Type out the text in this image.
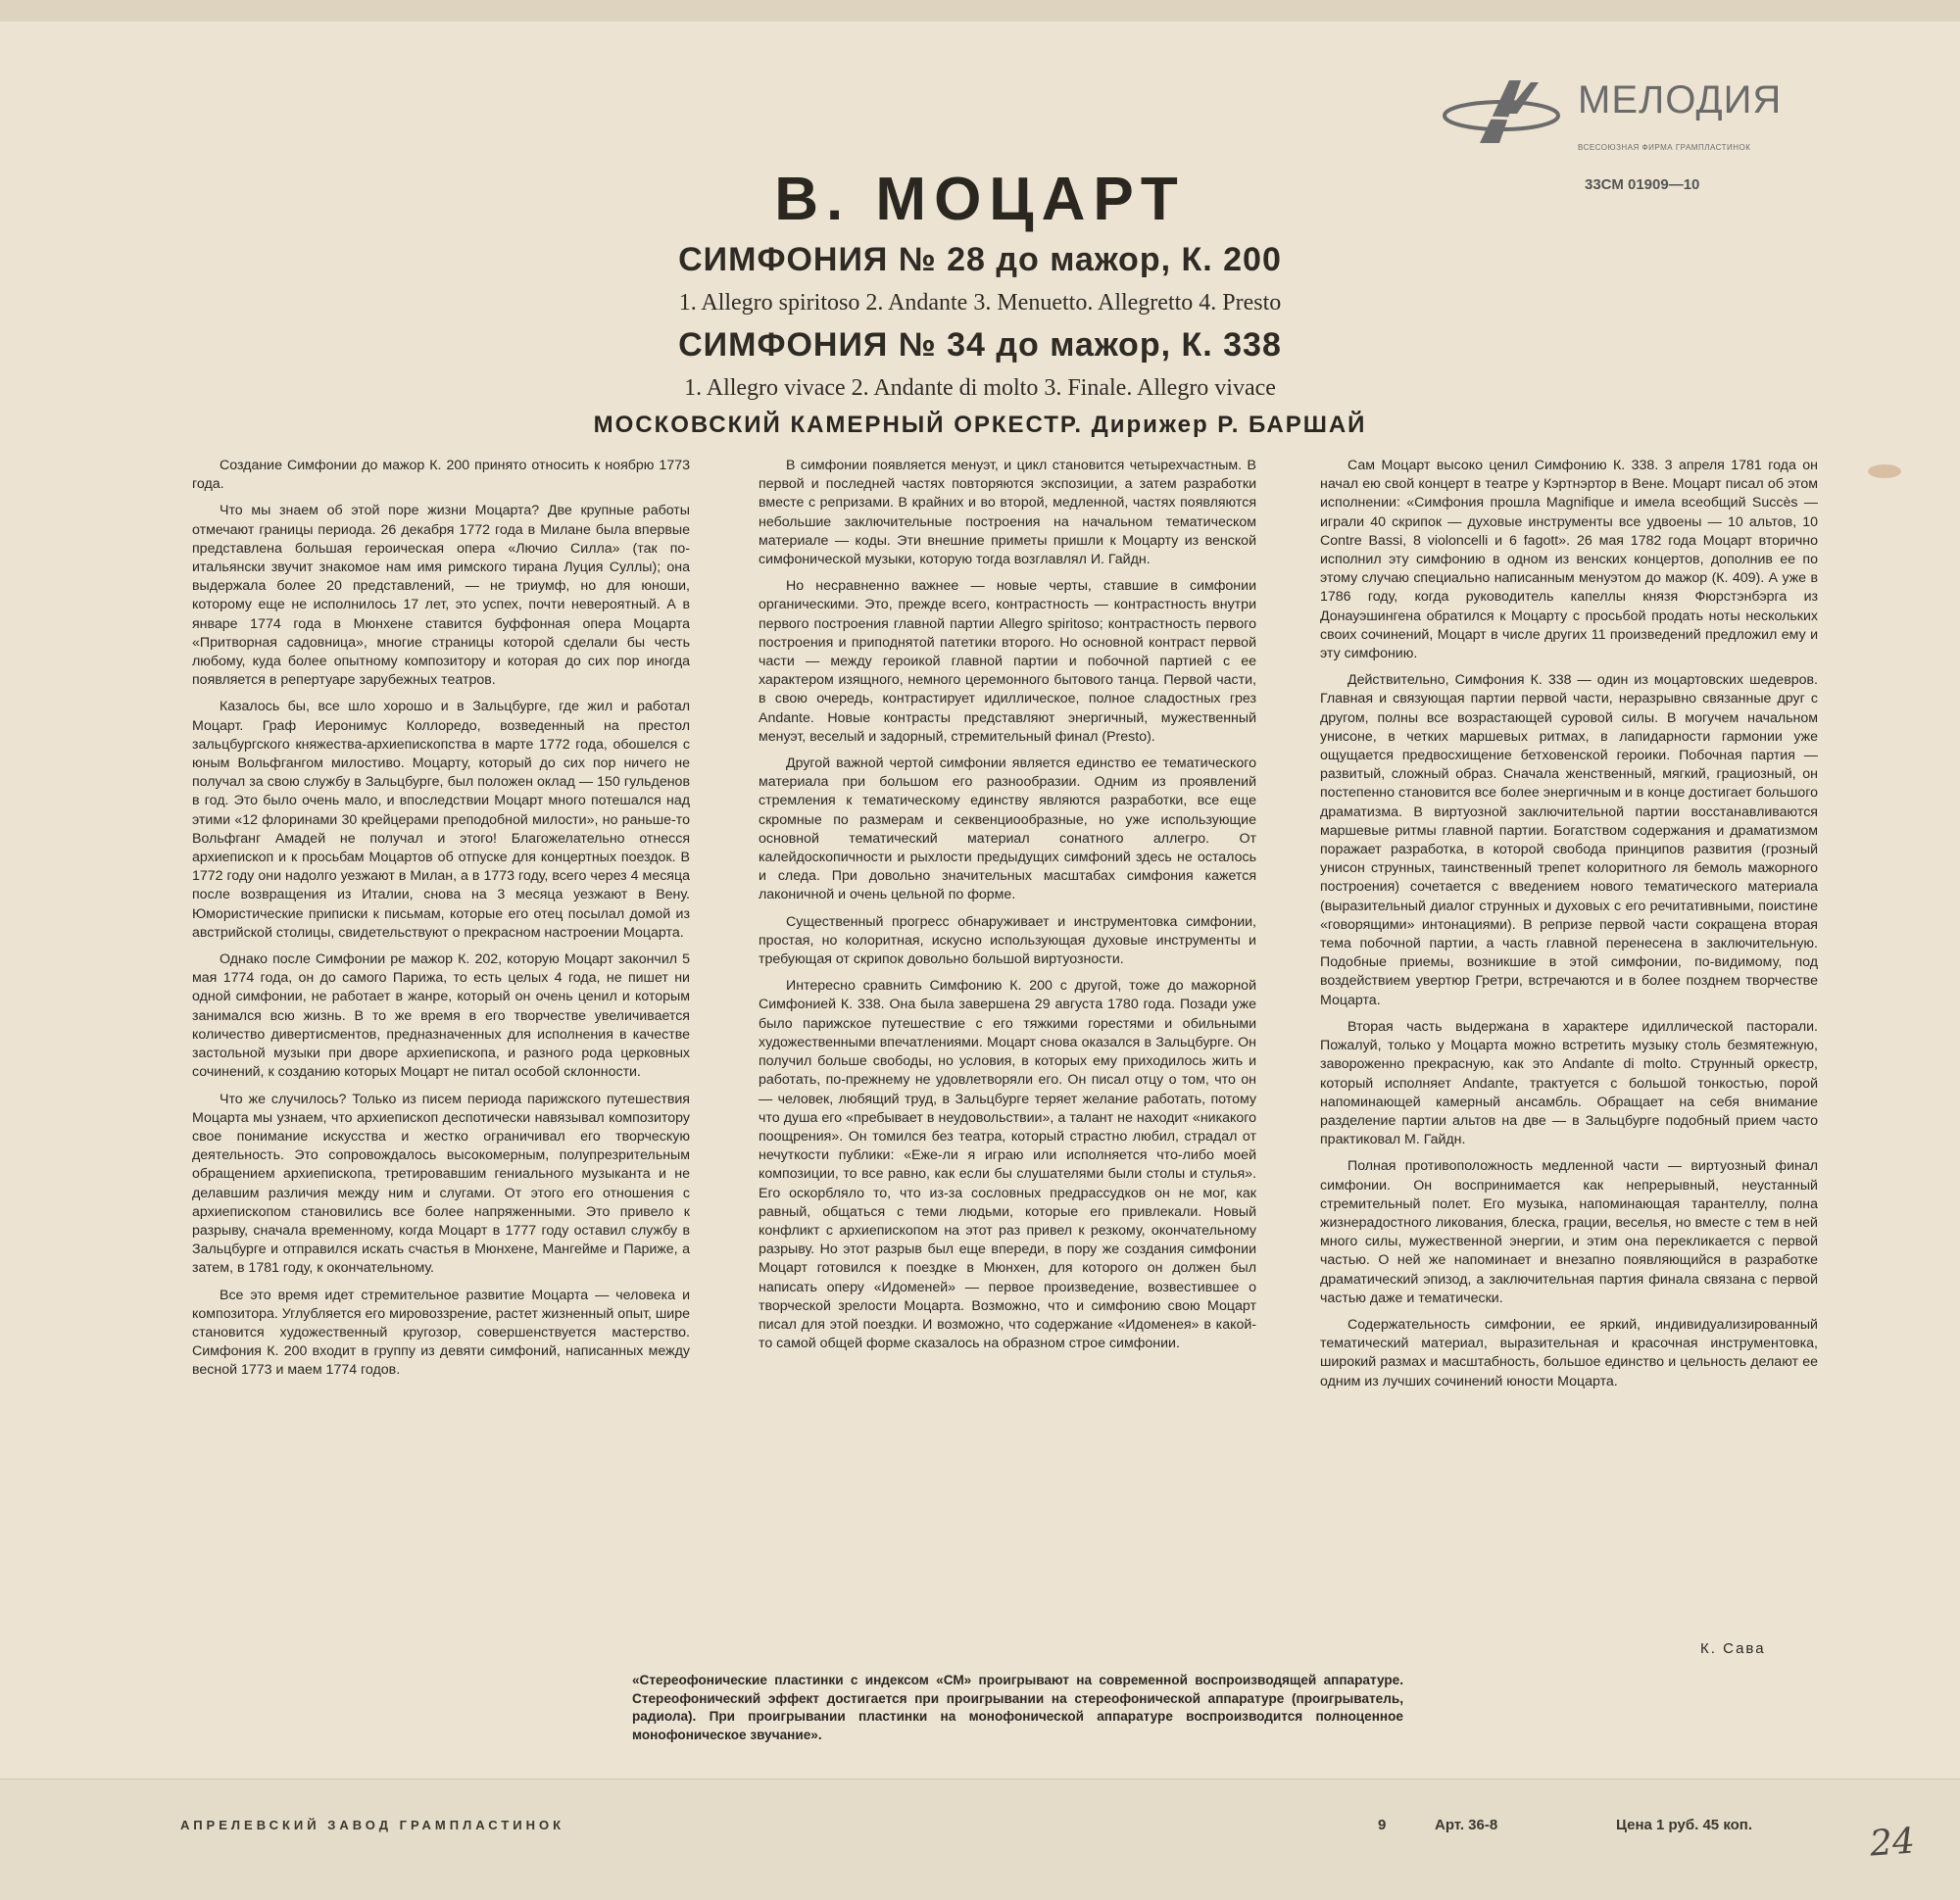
МЕЛОДИЯ
ВСЕСОЮЗНАЯ ФИРМА ГРАМПЛАСТИНОК
33СМ 01909—10
В. МОЦАРТ
СИМФОНИЯ № 28 до мажор, К. 200
1. Allegro spiritoso 2. Andante 3. Menuetto. Allegretto 4. Presto
СИМФОНИЯ № 34 до мажор, К. 338
1. Allegro vivace 2. Andante di molto 3. Finale. Allegro vivace
МОСКОВСКИЙ КАМЕРНЫЙ ОРКЕСТР. Дирижер Р. БАРШАЙ

Создание Симфонии до мажор К. 200 принято относить к ноябрю 1773 года.

Что мы знаем об этой поре жизни Моцарта? Две крупные работы отмечают границы периода. 26 декабря 1772 года в Милане была впервые представлена большая героическая опера «Лючио Силла» (так по-итальянски звучит знакомое нам имя римского тирана Луция Суллы); она выдержала более 20 представлений, — не триумф, но для юноши, которому еще не исполнилось 17 лет, это успех, почти невероятный. А в январе 1774 года в Мюнхене ставится буффонная опера Моцарта «Притворная садовница», многие страницы которой сделали бы честь любому, куда более опытному композитору и которая до сих пор иногда появляется в репертуаре зарубежных театров.

Казалось бы, все шло хорошо и в Зальцбурге, где жил и работал Моцарт. Граф Иеронимус Коллоредо, возведенный на престол зальцбургского княжества-архиепископства в марте 1772 года, обошелся с юным Вольфгангом милостиво. Моцарту, который до сих пор ничего не получал за свою службу в Зальцбурге, был положен оклад — 150 гульденов в год. Это было очень мало, и впоследствии Моцарт много потешался над этими «12 флоринами 30 крейцерами преподобной милости», но раньше-то Вольфганг Амадей не получал и этого! Благожелательно отнесся архиепископ и к просьбам Моцартов об отпуске для концертных поездок. В 1772 году они надолго уезжают в Милан, а в 1773 году, всего через 4 месяца после возвращения из Италии, снова на 3 месяца уезжают в Вену. Юмористические приписки к письмам, которые его отец посылал домой из австрийской столицы, свидетельствуют о прекрасном настроении Моцарта.

Однако после Симфонии ре мажор К. 202, которую Моцарт закончил 5 мая 1774 года, он до самого Парижа, то есть целых 4 года, не пишет ни одной симфонии, не работает в жанре, который он очень ценил и которым занимался всю жизнь. В то же время в его творчестве увеличивается количество дивертисментов, предназначенных для исполнения в качестве застольной музыки при дворе архиепископа, и разного рода церковных сочинений, к созданию которых Моцарт не питал особой склонности.

Что же случилось? Только из писем периода парижского путешествия Моцарта мы узнаем, что архиепископ деспотически навязывал композитору свое понимание искусства и жестко ограничивал его творческую деятельность. Это сопровождалось высокомерным, полупрезрительным обращением архиепископа, третировавшим гениального музыканта и не делавшим различия между ним и слугами. От этого его отношения с архиепископом становились все более напряженными. Это привело к разрыву, сначала временному, когда Моцарт в 1777 году оставил службу в Зальцбурге и отправился искать счастья в Мюнхене, Мангейме и Париже, а затем, в 1781 году, к окончательному.

Все это время идет стремительное развитие Моцарта — человека и композитора. Углубляется его мировоззрение, растет жизненный опыт, шире становится художественный кругозор, совершенствуется мастерство. Симфония К. 200 входит в группу из девяти симфоний, написанных между весной 1773 и маем 1774 годов.

В симфонии появляется менуэт, и цикл становится четырехчастным. В первой и последней частях повторяются экспозиции, а затем разработки вместе с репризами. В крайних и во второй, медленной, частях появляются небольшие заключительные построения на начальном тематическом материале — коды. Эти внешние приметы пришли к Моцарту из венской симфонической музыки, которую тогда возглавлял И. Гайдн.

Но несравненно важнее — новые черты, ставшие в симфонии органическими. Это, прежде всего, контрастность — контрастность внутри первого построения главной партии Allegro spiritoso; контрастность первого построения и приподнятой патетики второго. Но основной контраст первой части — между героикой главной партии и побочной партией с ее характером изящного, немного церемонного бытового танца. Первой части, в свою очередь, контрастирует идиллическое, полное сладостных грез Andante. Новые контрасты представляют энергичный, мужественный менуэт, веселый и задорный, стремительный финал (Presto).

Другой важной чертой симфонии является единство ее тематического материала при большом его разнообразии. Одним из проявлений стремления к тематическому единству являются разработки, все еще скромные по размерам и секвенциообразные, но уже использующие основной тематический материал сонатного аллегро. От калейдоскопичности и рыхлости предыдущих симфоний здесь не осталось и следа. При довольно значительных масштабах симфония кажется лаконичной и очень цельной по форме.

Существенный прогресс обнаруживает и инструментовка симфонии, простая, но колоритная, искусно использующая духовые инструменты и требующая от скрипок довольно большой виртуозности.

Интересно сравнить Симфонию К. 200 с другой, тоже до мажорной Симфонией К. 338. Она была завершена 29 августа 1780 года. Позади уже было парижское путешествие с его тяжкими горестями и обильными художественными впечатлениями. Моцарт снова оказался в Зальцбурге. Он получил больше свободы, но условия, в которых ему приходилось жить и работать, по-прежнему не удовлетворяли его. Он писал отцу о том, что он — человек, любящий труд, в Зальцбурге теряет желание работать, потому что душа его «пребывает в неудовольствии», а талант не находит «никакого поощрения». Он томился без театра, который страстно любил, страдал от нечуткости публики: «Еже-ли я играю или исполняется что-либо моей композиции, то все равно, как если бы слушателями были столы и стулья». Его оскорбляло то, что из-за сословных предрассудков он не мог, как равный, общаться с теми людьми, которые его привлекали. Новый конфликт с архиепископом на этот раз привел к резкому, окончательному разрыву. Но этот разрыв был еще впереди, в пору же создания симфонии Моцарт готовился к поездке в Мюнхен, для которого он должен был написать оперу «Идоменей» — первое произведение, возвестившее о творческой зрелости Моцарта. Возможно, что и симфонию свою Моцарт писал для этой поездки. И возможно, что содержание «Идоменея» в какой-то самой общей форме сказалось на образном строе симфонии.

Сам Моцарт высоко ценил Симфонию К. 338. 3 апреля 1781 года он начал ею свой концерт в театре у Кэртнэртор в Вене. Моцарт писал об этом исполнении: «Симфония прошла Magnifique и имела всеобщий Succès — играли 40 скрипок — духовые инструменты все удвоены — 10 альтов, 10 Contre Bassi, 8 violoncelli и 6 fagott». 26 мая 1782 года Моцарт вторично исполнил эту симфонию в одном из венских концертов, дополнив ее по этому случаю специально написанным менуэтом до мажор (К. 409). А уже в 1786 году, когда руководитель капеллы князя Фюрстэнбэрга из Донауэшингена обратился к Моцарту с просьбой продать ноты нескольких своих сочинений, Моцарт в числе других 11 произведений предложил ему и эту симфонию.

Действительно, Симфония К. 338 — один из моцартовских шедевров. Главная и связующая партии первой части, неразрывно связанные друг с другом, полны все возрастающей суровой силы. В могучем начальном унисоне, в четких маршевых ритмах, в лапидарности гармонии уже ощущается предвосхищение бетховенской героики. Побочная партия — развитый, сложный образ. Сначала женственный, мягкий, грациозный, он постепенно становится все более энергичным и в конце достигает большого драматизма. В виртуозной заключительной партии восстанавливаются маршевые ритмы главной партии. Богатством содержания и драматизмом поражает разработка, в которой свобода принципов развития (грозный унисон струнных, таинственный трепет колоритного ля бемоль мажорного построения) сочетается с введением нового тематического материала (выразительный диалог струнных и духовых с его речитативными, поистине «говорящими» интонациями). В репризе первой части сокращена вторая тема побочной партии, а часть главной перенесена в заключительную. Подобные приемы, возникшие в этой симфонии, по-видимому, под воздействием увертюр Гретри, встречаются и в более позднем творчестве Моцарта.

Вторая часть выдержана в характере идиллической пасторали. Пожалуй, только у Моцарта можно встретить музыку столь безмятежную, завороженно прекрасную, как это Andante di molto. Струнный оркестр, который исполняет Andante, трактуется с большой тонкостью, порой напоминающей камерный ансамбль. Обращает на себя внимание разделение партии альтов на две — в Зальцбурге подобный прием часто практиковал М. Гайдн.

Полная противоположность медленной части — виртуозный финал симфонии. Он воспринимается как непрерывный, неустанный стремительный полет. Его музыка, напоминающая тарантеллу, полна жизнерадостного ликования, блеска, грации, веселья, но вместе с тем в ней много силы, мужественной энергии, и этим она перекликается с первой частью. О ней же напоминает и внезапно появляющийся в разработке драматический эпизод, а заключительная партия финала связана с первой частью даже и тематически.

Содержательность симфонии, ее яркий, индивидуализированный тематический материал, выразительная и красочная инструментовка, широкий размах и масштабность, большое единство и цельность делают ее одним из лучших сочинений юности Моцарта.

К. Сава
«Стереофонические пластинки с индексом «СМ» проигрывают на современной воспроизводящей аппаратуре. Стереофонический эффект достигается при проигрывании на стереофонической аппаратуре (проигрыватель, радиола). При проигрывании пластинки на монофонической аппаратуре воспроизводится полноценное монофоническое звучание».
АПРЕЛЕВСКИЙ ЗАВОД ГРАМПЛАСТИНОК	9	Арт. 36-8	Цена 1 руб. 45 коп.	24
